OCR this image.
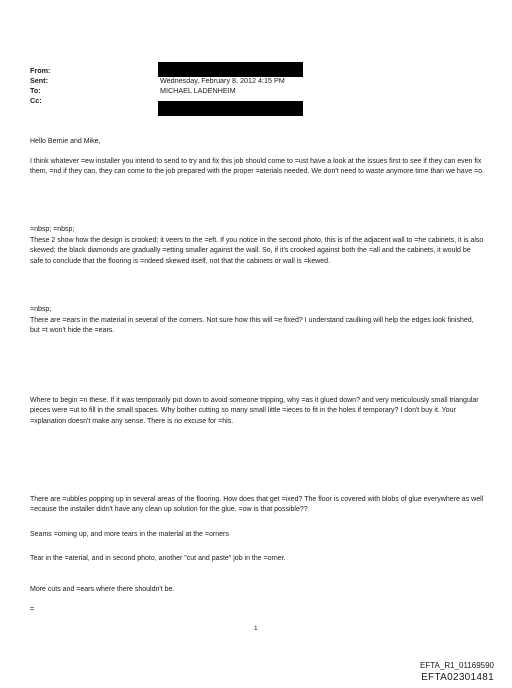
From:
Sent:	Wednesday, February 8, 2012 4:15 PM
To:	MICHAEL LADENHEIM
Cc:

Hello Bernie and Mike,

I think whatever =ew installer you intend to send to try and fix this job should come to =ust have a look at the issues first to see if they can even fix them, =nd if they can, they can come to the job prepared with the proper =aterials needed. We don't need to waste anymore time than we have =o.

=nbsp; =nbsp;

These 2 show how the design is crooked; it veers to the =eft. If you notice in the second photo, this is of the adjacent wall to =he cabinets, it is also skewed; the black diamonds are gradually =etting smaller against the wall. So, if it's crooked against both the =all and the cabinets, it would be safe to conclude that the flooring is =ndeed skewed itself, not that the cabinets or wall is =kewed.

=nbsp;

There are =ears in the material in several of the corners. Not sure how this will =e fixed? I understand caulking will help the edges look finished, but =t won't hide the =ears.

Where to begin =n these. If it was temporarily put down to avoid someone tripping, why =as it glued down? and very meticulously small triangular pieces were =ut to fill in the small spaces. Why bother cutting so many small little =ieces to fit in the holes if temporary? I don't buy it. Your =xplanation doesn't make any sense. There is no excuse for =his.

There are =ubbles popping up in several areas of the flooring. How does that get =ixed? The floor is covered with blobs of glue everywhere as well =ecause the installer didn't have any clean up solution for the glue. =ow is that possible??

Seams =oming up, and more tears in the material at the =orners

Tear in the =aterial, and in second photo, another "cut and paste" job in the =orner.

More cuts and =ears where there shouldn't be.

=

1
EFTA_R1_01169590
EFTA02301481
